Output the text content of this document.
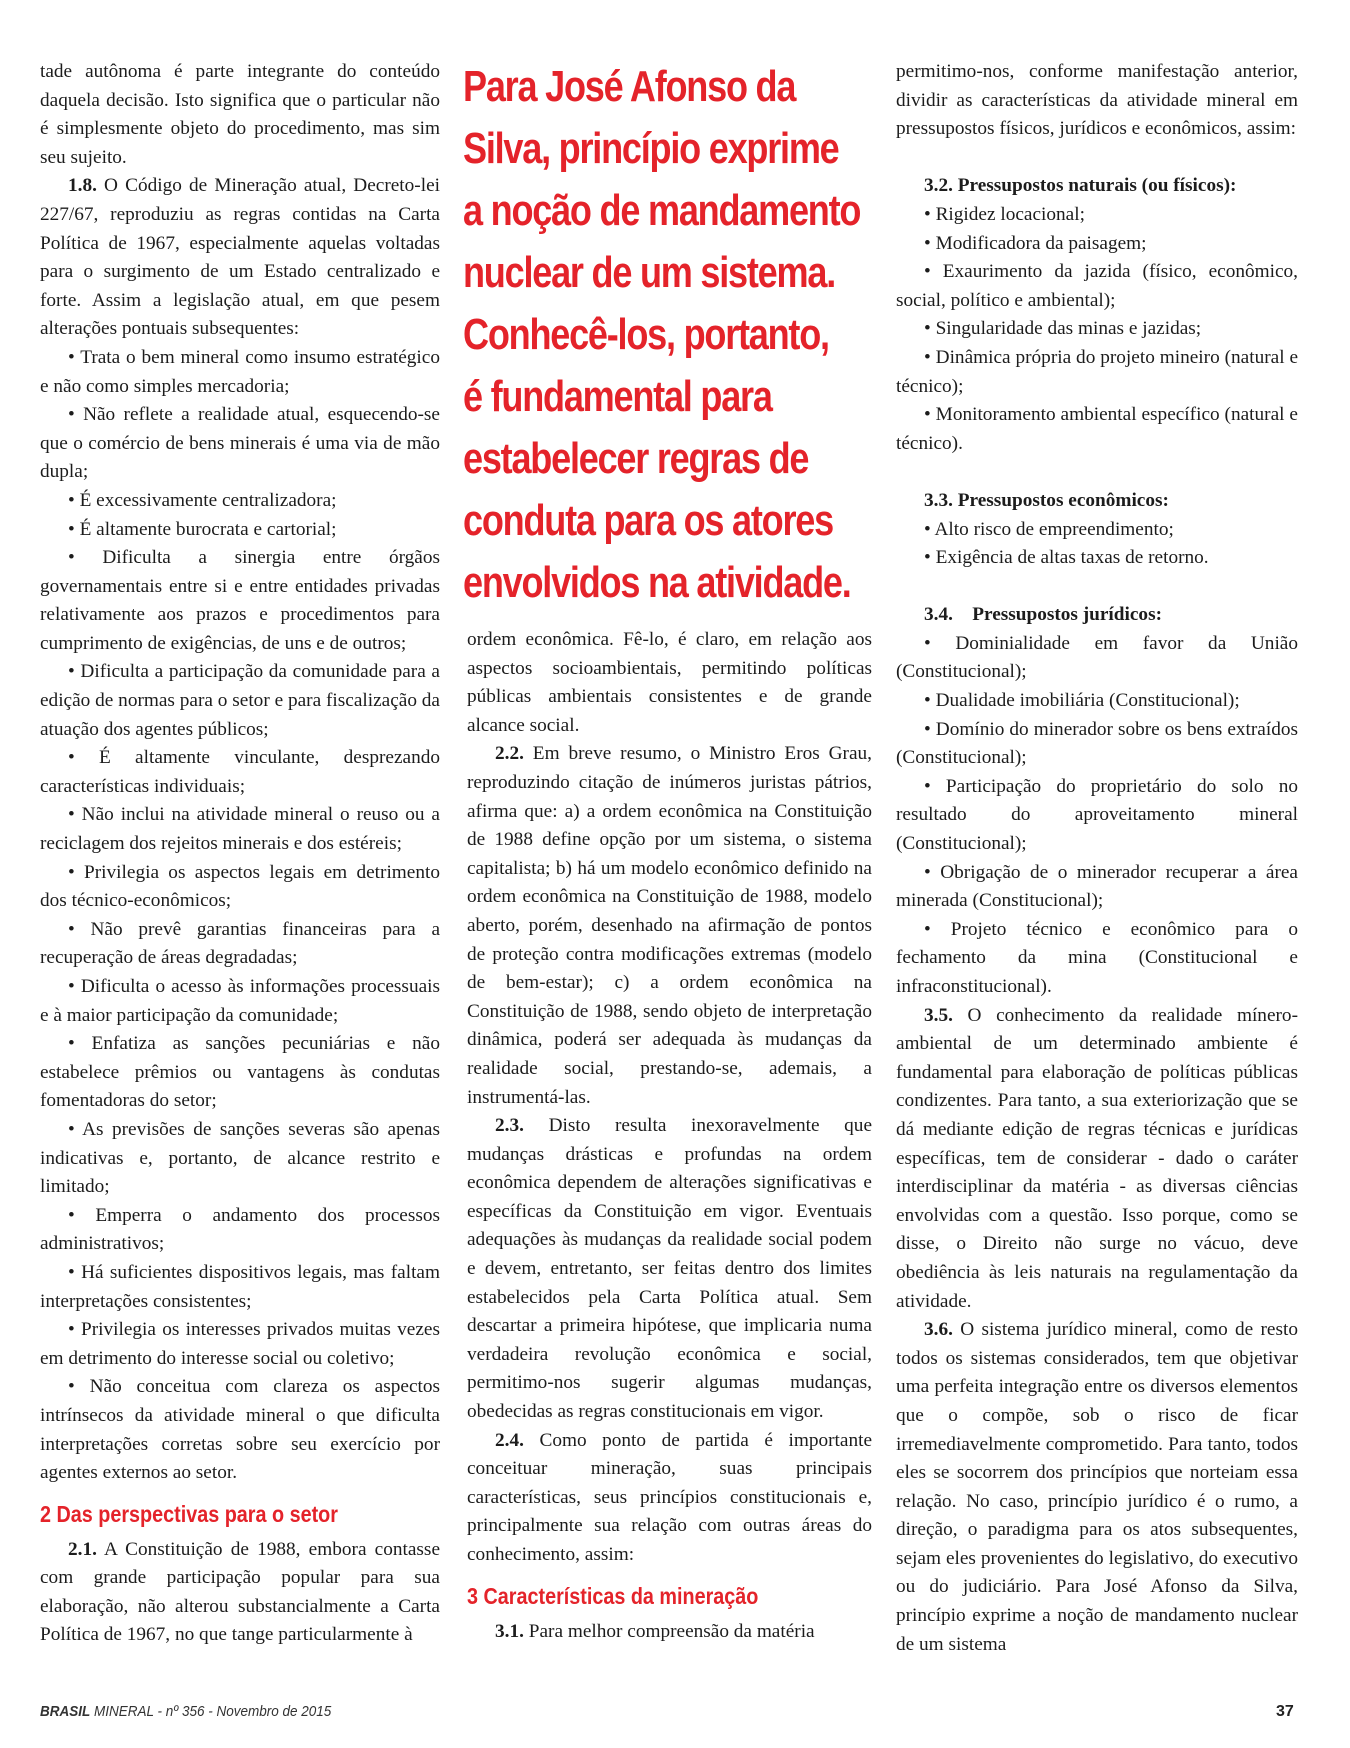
tade autônoma é parte integrante do conteúdo daquela decisão. Isto significa que o particular não é simplesmente objeto do procedimento, mas sim seu sujeito.

1.8. O Código de Mineração atual, Decreto-lei 227/67, reproduziu as regras contidas na Carta Política de 1967, especialmente aquelas voltadas para o surgimento de um Estado centralizado e forte. Assim a legislação atual, em que pesem alterações pontuais subsequentes:

• Trata o bem mineral como insumo estratégico e não como simples mercadoria;

• Não reflete a realidade atual, esquecendo-se que o comércio de bens minerais é uma via de mão dupla;

• É excessivamente centralizadora;

• É altamente burocrata e cartorial;

• Dificulta a sinergia entre órgãos governamentais entre si e entre entidades privadas relativamente aos prazos e procedimentos para cumprimento de exigências, de uns e de outros;

• Dificulta a participação da comunidade para a edição de normas para o setor e para fiscalização da atuação dos agentes públicos;

• É altamente vinculante, desprezando características individuais;

• Não inclui na atividade mineral o reuso ou a reciclagem dos rejeitos minerais e dos estéreis;

• Privilegia os aspectos legais em detrimento dos técnico-econômicos;

• Não prevê garantias financeiras para a recuperação de áreas degradadas;

• Dificulta o acesso às informações processuais e à maior participação da comunidade;

• Enfatiza as sanções pecuniárias e não estabelece prêmios ou vantagens às condutas fomentadoras do setor;

• As previsões de sanções severas são apenas indicativas e, portanto, de alcance restrito e limitado;

• Emperra o andamento dos processos administrativos;

• Há suficientes dispositivos legais, mas faltam interpretações consistentes;

• Privilegia os interesses privados muitas vezes em detrimento do interesse social ou coletivo;

• Não conceitua com clareza os aspectos intrínsecos da atividade mineral o que dificulta interpretações corretas sobre seu exercício por agentes externos ao setor.

2 Das perspectivas para o setor

2.1. A Constituição de 1988, embora contasse com grande participação popular para sua elaboração, não alterou substancialmente a Carta Política de 1967, no que tange particularmente à

Para José Afonso da
Silva, princípio exprime
a noção de mandamento
nuclear de um sistema.
Conhecê-los, portanto,
é fundamental para
estabelecer regras de
conduta para os atores
envolvidos na atividade.

ordem econômica. Fê-lo, é claro, em relação aos aspectos socioambientais, permitindo políticas públicas ambientais consistentes e de grande alcance social.

2.2. Em breve resumo, o Ministro Eros Grau, reproduzindo citação de inúmeros juristas pátrios, afirma que: a) a ordem econômica na Constituição de 1988 define opção por um sistema, o sistema capitalista; b) há um modelo econômico definido na ordem econômica na Constituição de 1988, modelo aberto, porém, desenhado na afirmação de pontos de proteção contra modificações extremas (modelo de bem-estar); c) a ordem econômica na Constituição de 1988, sendo objeto de interpretação dinâmica, poderá ser adequada às mudanças da realidade social, prestando-se, ademais, a instrumentá-las.

2.3. Disto resulta inexoravelmente que mudanças drásticas e profundas na ordem econômica dependem de alterações significativas e específicas da Constituição em vigor. Eventuais adequações às mudanças da realidade social podem e devem, entretanto, ser feitas dentro dos limites estabelecidos pela Carta Política atual. Sem descartar a primeira hipótese, que implicaria numa verdadeira revolução econômica e social, permitimo-nos sugerir algumas mudanças, obedecidas as regras constitucionais em vigor.

2.4. Como ponto de partida é importante conceituar mineração, suas principais características, seus princípios constitucionais e, principalmente sua relação com outras áreas do conhecimento, assim:

3 Características da mineração

3.1. Para melhor compreensão da matéria

permitimo-nos, conforme manifestação anterior, dividir as características da atividade mineral em pressupostos físicos, jurídicos e econômicos, assim:

3.2. Pressupostos naturais (ou físicos):

• Rigidez locacional;

• Modificadora da paisagem;

• Exaurimento da jazida (físico, econômico, social, político e ambiental);

• Singularidade das minas e jazidas;

• Dinâmica própria do projeto mineiro (natural e técnico);

• Monitoramento ambiental específico (natural e técnico).

3.3. Pressupostos econômicos:

• Alto risco de empreendimento;

• Exigência de altas taxas de retorno.

3.4.    Pressupostos jurídicos:

• Dominialidade em favor da União (Constitucional);

• Dualidade imobiliária (Constitucional);

• Domínio do minerador sobre os bens extraídos (Constitucional);

• Participação do proprietário do solo no resultado do aproveitamento mineral (Constitucional);

• Obrigação de o minerador recuperar a área minerada (Constitucional);

• Projeto técnico e econômico para o fechamento da mina (Constitucional e infraconstitucional).

3.5. O conhecimento da realidade mínero-ambiental de um determinado ambiente é fundamental para elaboração de políticas públicas condizentes. Para tanto, a sua exteriorização que se dá mediante edição de regras técnicas e jurídicas específicas, tem de considerar - dado o caráter interdisciplinar da matéria - as diversas ciências envolvidas com a questão. Isso porque, como se disse, o Direito não surge no vácuo, deve obediência às leis naturais na regulamentação da atividade.

3.6. O sistema jurídico mineral, como de resto todos os sistemas considerados, tem que objetivar uma perfeita integração entre os diversos elementos que o compõe, sob o risco de ficar irremediavelmente comprometido. Para tanto, todos eles se socorrem dos princípios que norteiam essa relação. No caso, princípio jurídico é o rumo, a direção, o paradigma para os atos subsequentes, sejam eles provenientes do legislativo, do executivo ou do judiciário. Para José Afonso da Silva, princípio exprime a noção de mandamento nuclear de um sistema

BRASIL MINERAL - nº 356 - Novembro de 2015	37
